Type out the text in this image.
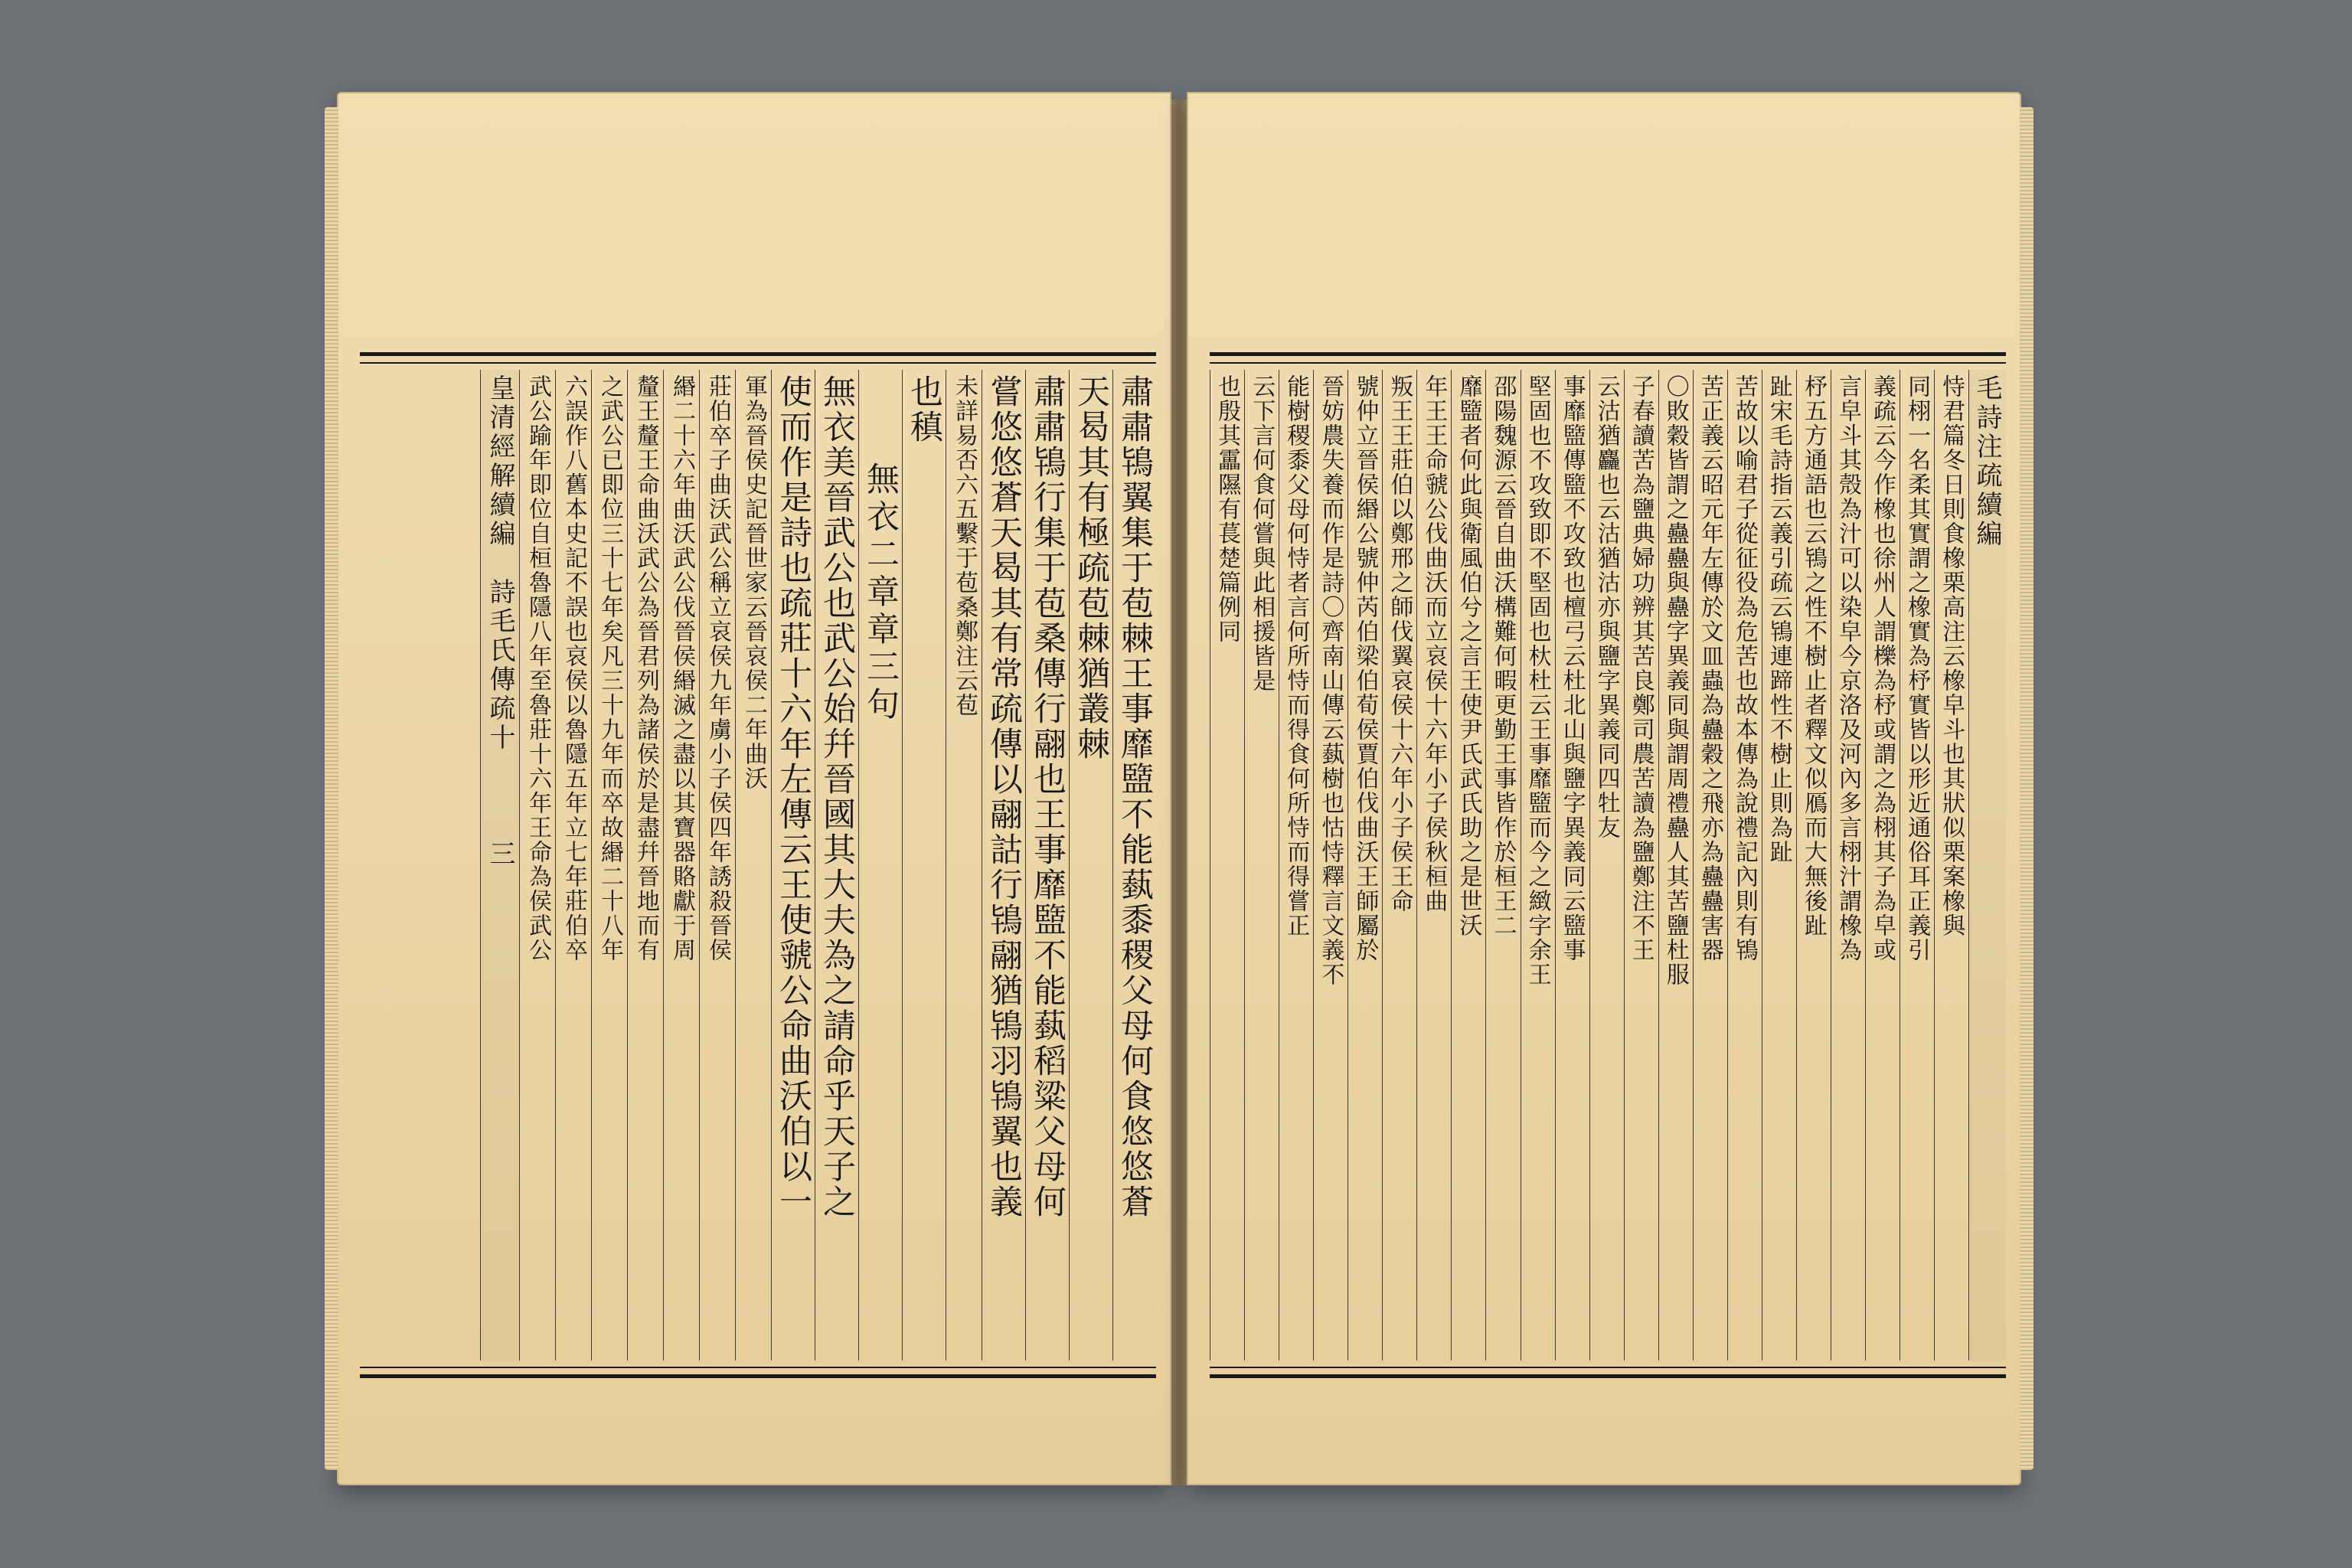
肅肅鴇翼集于苞棘王事靡盬不能蓺黍稷父母何食悠悠蒼
天曷其有極疏苞棘猶叢棘
肅肅鴇行集于苞桑傳行翮也王事靡盬不能蓺稻粱父母何
嘗悠悠蒼天曷其有常疏傳以翮詁行鴇翮猶鴇羽鴇翼也義
未詳易否六五繫于苞桑鄭注云苞
也稹
無衣二章章三句
無衣美晉武公也武公始幷晉國其大夫為之請命乎天子之
使而作是詩也疏莊十六年左傳云王使虢公命曲沃伯以一
軍為晉侯史記晉世家云晉哀侯二年曲沃
莊伯卒子曲沃武公稱立哀侯九年虜小子侯四年誘殺晉侯
緡二十六年曲沃武公伐晉侯緡滅之盡以其寶器賂獻于周
釐王釐王命曲沃武公為晉君列為諸侯於是盡幷晉地而有
之武公已即位三十七年矣凡三十九年而卒故緡二十八年
六誤作八舊本史記不誤也哀侯以魯隱五年立七年莊伯卒
武公踰年即位自桓魯隱八年至魯莊十六年王命為侯武公
皇清經解續編　詩毛氏傳疏十　　　三
毛詩注疏續編
恃君篇冬日則食橡栗高注云橡皁斗也其狀似栗案橡與
同栩一名柔其實謂之橡實為杼實皆以形近通俗耳正義引
義疏云今作橡也徐州人謂櫟為杼或謂之為栩其子為皁或
言皁斗其殼為汁可以染皁今京洛及河內多言栩汁謂橡為
杼五方通語也云鴇之性不樹止者釋文似鴈而大無後趾
趾宋毛詩指云義引疏云鴇連蹄性不樹止則為趾
苦故以喻君子從征役為危苦也故本傳為說禮記內則有鴇
苦正義云昭元年左傳於文皿蟲為蠱穀之飛亦為蠱蠱害器
〇敗穀皆謂之蠱蠱與蠱字異義同與謂周禮蠱人其苦鹽杜服
子春讀苦為鹽典婦功辨其苦良鄭司農苦讀為鹽鄭注不王
云沽猶麤也云沽猶沽亦與鹽字異義同四牡友
事靡盬傳盬不攻致也檀弓云杜北山與鹽字異義同云盬事
堅固也不攻致即不堅固也杕杜云王事靡盬而今之緻字余王
邵陽魏源云晉自曲沃構難何暇更勤王事皆作於桓王二
靡盬者何此與衛風伯兮之言王使尹氏武氏助之是世沃
年王王命虢公伐曲沃而立哀侯十六年小子侯秋桓曲
叛王王莊伯以鄭邢之師伐翼哀侯十六年小子侯王命
號仲立晉侯緡公號仲芮伯梁伯荀侯賈伯伐曲沃王師屬於
晉妨農失養而作是詩〇齊南山傳云蓺樹也怙恃釋言文義不
能樹稷黍父母何恃者言何所恃而得食何所恃而得嘗正
云下言何食何嘗與此相援皆是
也殷其靁隰有萇楚篇例同
